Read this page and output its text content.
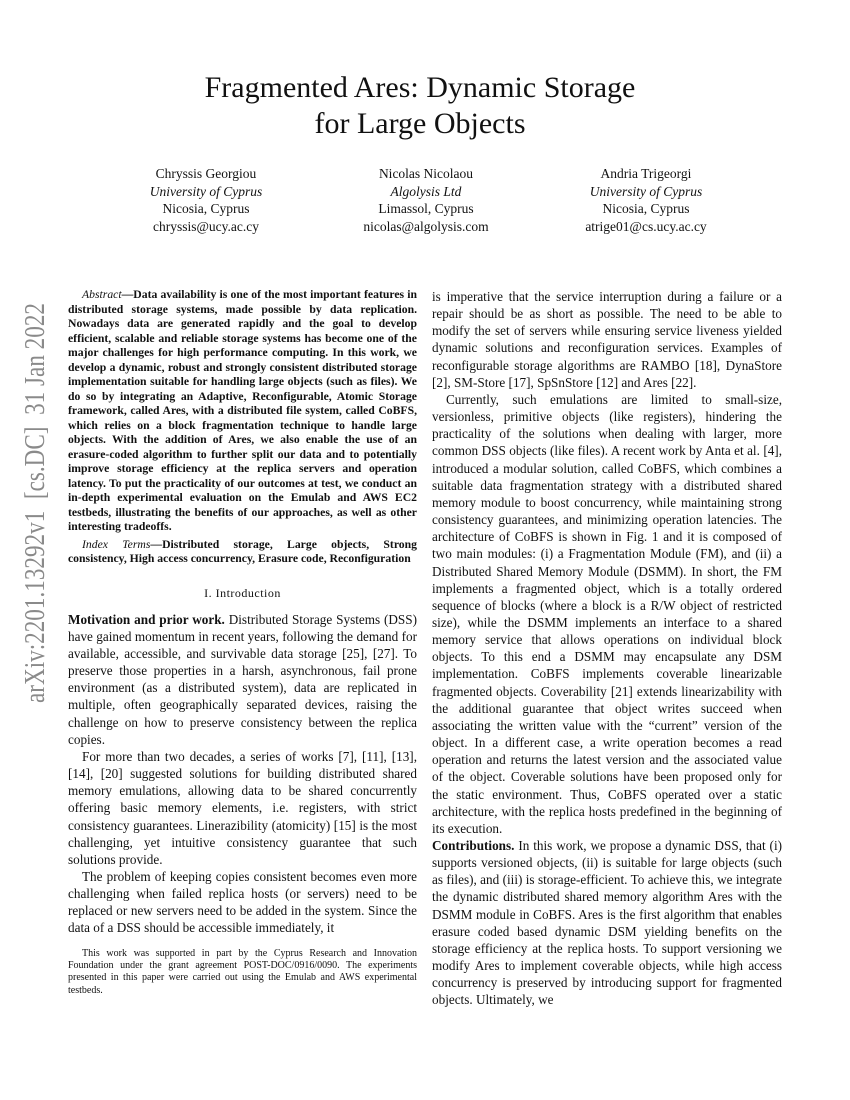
Fragmented Ares: Dynamic Storage
for Large Objects
Chryssis Georgiou
University of Cyprus
Nicosia, Cyprus
chryssis@ucy.ac.cy
Nicolas Nicolaou
Algolysis Ltd
Limassol, Cyprus
nicolas@algolysis.com
Andria Trigeorgi
University of Cyprus
Nicosia, Cyprus
atrige01@cs.ucy.ac.cy
arXiv:2201.13292v1  [cs.DC]  31 Jan 2022	Abstract—Data availability is one of the most important features in distributed storage systems, made possible by data replication. Nowadays data are generated rapidly and the goal to develop efficient, scalable and reliable storage systems has become one of the major challenges for high performance computing. In this work, we develop a dynamic, robust and strongly consistent distributed storage implementation suitable for handling large objects (such as files). We do so by integrating an Adaptive, Reconfigurable, Atomic Storage framework, called Ares, with a distributed file system, called CoBFS, which relies on a block fragmentation technique to handle large objects. With the addition of Ares, we also enable the use of an erasure-coded algorithm to further split our data and to potentially improve storage efficiency at the replica servers and operation latency. To put the practicality of our outcomes at test, we conduct an in-depth experimental evaluation on the Emulab and AWS EC2 testbeds, illustrating the benefits of our approaches, as well as other interesting tradeoffs.

Index Terms—Distributed storage, Large objects, Strong consistency, High access concurrency, Erasure code, Reconfiguration

I. Introduction

Motivation and prior work. Distributed Storage Systems (DSS) have gained momentum in recent years, following the demand for available, accessible, and survivable data storage [25], [27]. To preserve those properties in a harsh, asynchronous, fail prone environment (as a distributed system), data are replicated in multiple, often geographically separated devices, raising the challenge on how to preserve consistency between the replica copies.

For more than two decades, a series of works [7], [11], [13], [14], [20] suggested solutions for building distributed shared memory emulations, allowing data to be shared concurrently offering basic memory elements, i.e. registers, with strict consistency guarantees. Linerazibility (atomicity) [15] is the most challenging, yet intuitive consistency guarantee that such solutions provide.

The problem of keeping copies consistent becomes even more challenging when failed replica hosts (or servers) need to be replaced or new servers need to be added in the system. Since the data of a DSS should be accessible immediately, it

This work was supported in part by the Cyprus Research and Innovation Foundation under the grant agreement POST-DOC/0916/0090. The experiments presented in this paper were carried out using the Emulab and AWS experimental testbeds.

is imperative that the service interruption during a failure or a repair should be as short as possible. The need to be able to modify the set of servers while ensuring service liveness yielded dynamic solutions and reconfiguration services. Examples of reconfigurable storage algorithms are RAMBO [18], DynaStore [2], SM-Store [17], SpSnStore [12] and Ares [22].

Currently, such emulations are limited to small-size, versionless, primitive objects (like registers), hindering the practicality of the solutions when dealing with larger, more common DSS objects (like files). A recent work by Anta et al. [4], introduced a modular solution, called CoBFS, which combines a suitable data fragmentation strategy with a distributed shared memory module to boost concurrency, while maintaining strong consistency guarantees, and minimizing operation latencies. The architecture of CoBFS is shown in Fig. 1 and it is composed of two main modules: (i) a Fragmentation Module (FM), and (ii) a Distributed Shared Memory Module (DSMM). In short, the FM implements a fragmented object, which is a totally ordered sequence of blocks (where a block is a R/W object of restricted size), while the DSMM implements an interface to a shared memory service that allows operations on individual block objects. To this end a DSMM may encapsulate any DSM implementation. CoBFS implements coverable linearizable fragmented objects. Coverability [21] extends linearizability with the additional guarantee that object writes succeed when associating the written value with the “current” version of the object. In a different case, a write operation becomes a read operation and returns the latest version and the associated value of the object. Coverable solutions have been proposed only for the static environment. Thus, CoBFS operated over a static architecture, with the replica hosts predefined in the beginning of its execution.

Contributions. In this work, we propose a dynamic DSS, that (i) supports versioned objects, (ii) is suitable for large objects (such as files), and (iii) is storage-efficient. To achieve this, we integrate the dynamic distributed shared memory algorithm Ares with the DSMM module in CoBFS. Ares is the first algorithm that enables erasure coded based dynamic DSM yielding benefits on the storage efficiency at the replica hosts. To support versioning we modify Ares to implement coverable objects, while high access concurrency is preserved by introducing support for fragmented objects. Ultimately, we
